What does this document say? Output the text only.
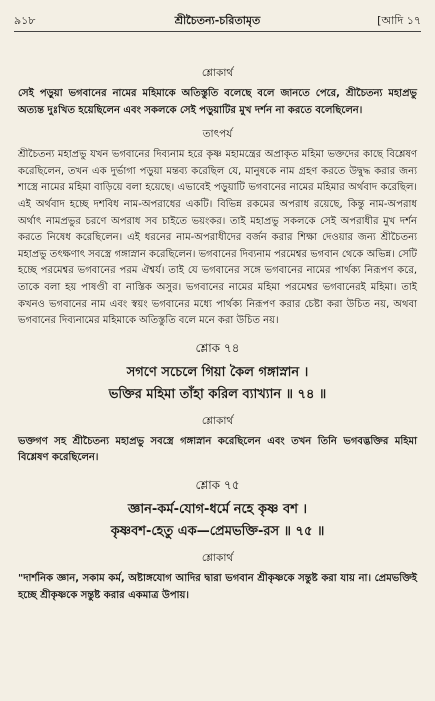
৯১৮	শ্রীচৈতন্য-চরিতামৃত	[আদি ১৭
শ্লোকার্থ

সেই পড়ুয়া ভগবানের নামের মহিমাকে অতিস্তুতি বলেছে বলে জানতে পেরে, শ্রীচৈতন্য মহাপ্রভু অত্যন্ত দুঃখিত হয়েছিলেন এবং সকলকে সেই পড়ুয়াটির মুখ দর্শন না করতে বলেছিলেন।

তাৎপর্য

শ্রীচৈতন্য মহাপ্রভু যখন ভগবানের দিব্যনাম হরে কৃষ্ণ মহামন্ত্রের অপ্রাকৃত মহিমা ভক্তদের কাছে বিশ্লেষণ করেছিলেন, তখন এক দুর্ভাগা পড়ুয়া মন্তব্য করেছিল যে, মানুষকে নাম গ্রহণ করতে উদ্বুদ্ধ করার জন্য শাস্ত্রে নামের মহিমা বাড়িয়ে বলা হয়েছে। এভাবেই পড়ুয়াটি ভগবানের নামের মহিমার অর্থবাদ করেছিল। এই অর্থবাদ হচ্ছে দশবিধ নাম-অপরাধের একটি। বিভিন্ন রকমের অপরাধ রয়েছে, কিন্তু নাম-অপরাধ অর্থাৎ নামপ্রভুর চরণে অপরাধ সব চাইতে ভয়ংকর। তাই মহাপ্রভু সকলকে সেই অপরাধীর মুখ দর্শন করতে নিষেধ করেছিলেন। এই ধরনের নাম-অপরাধীদের বর্জন করার শিক্ষা দেওয়ার জন্য শ্রীচৈতন্য মহাপ্রভু তৎক্ষণাৎ সবস্ত্রে গঙ্গাস্নান করেছিলেন। ভগবানের দিব্যনাম পরমেশ্বর ভগবান থেকে অভিন্ন। সেটি হচ্ছে পরমেশ্বর ভগবানের পরম ঐশ্বর্য। তাই যে ভগবানের সঙ্গে ভগবানের নামের পার্থক্য নিরূপণ করে, তাকে বলা হয় পাষণ্ডী বা নাস্তিক অসুর। ভগবানের নামের মহিমা পরমেশ্বর ভগবানেরই মহিমা। তাই কখনও ভগবানের নাম এবং স্বয়ং ভগবানের মধ্যে পার্থক্য নিরূপণ করার চেষ্টা করা উচিত নয়, অথবা ভগবানের দিব্যনামের মহিমাকে অতিস্তুতি বলে মনে করা উচিত নয়।

শ্লোক ৭৪

সগণে সচেলে গিয়া কৈল গঙ্গাস্নান ।

ভক্তির মহিমা তাঁহা করিল ব্যাখ্যান ॥ ৭৪ ॥

শ্লোকার্থ

ভক্তগণ সহ শ্রীচৈতন্য মহাপ্রভু সবস্ত্রে গঙ্গাস্নান করেছিলেন এবং তখন তিনি ভগবদ্ভক্তির মহিমা বিশ্লেষণ করেছিলেন।

শ্লোক ৭৫

জ্ঞান-কর্ম-যোগ-ধর্মে নহে কৃষ্ণ বশ ।

কৃষ্ণবশ-হেতু এক—প্রেমভক্তি-রস ॥ ৭৫ ॥

শ্লোকার্থ

"দার্শনিক জ্ঞান, সকাম কর্ম, অষ্টাঙ্গযোগ আদির দ্বারা ভগবান শ্রীকৃষ্ণকে সন্তুষ্ট করা যায় না। প্রেমভক্তিই হচ্ছে শ্রীকৃষ্ণকে সন্তুষ্ট করার একমাত্র উপায়।
